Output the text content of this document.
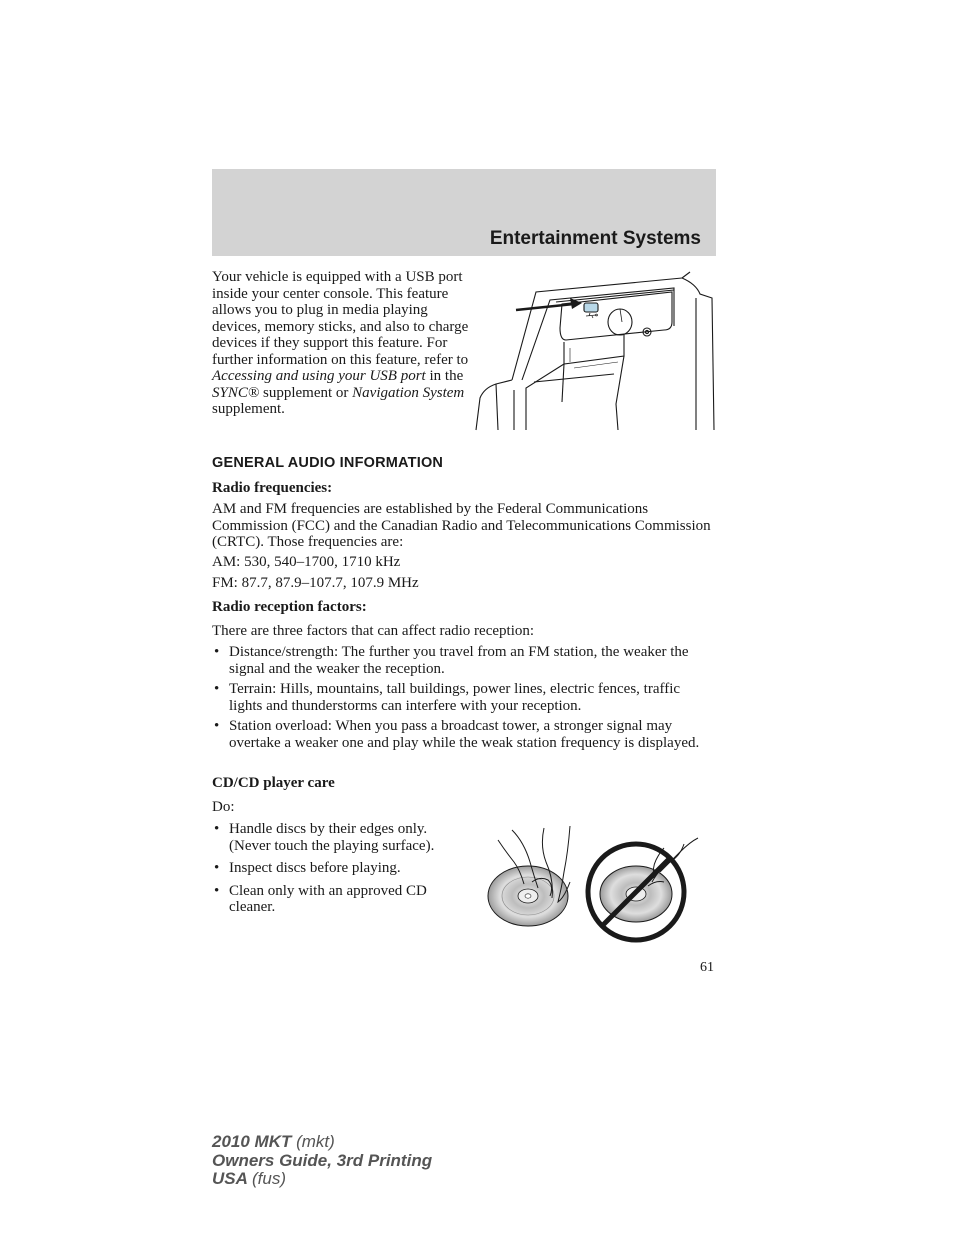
Entertainment Systems

Your vehicle is equipped with a USB port inside your center console. This feature allows you to plug in media playing devices, memory sticks, and also to charge devices if they support this feature. For further information on this feature, refer to Accessing and using your USB port in the SYNC® supplement or Navigation System supplement.

GENERAL AUDIO INFORMATION

Radio frequencies:

AM and FM frequencies are established by the Federal Communications Commission (FCC) and the Canadian Radio and Telecommunications Commission (CRTC). Those frequencies are:

AM: 530, 540–1700, 1710 kHz

FM: 87.7, 87.9–107.7, 107.9 MHz

Radio reception factors:

There are three factors that can affect radio reception:

• Distance/strength: The further you travel from an FM station, the weaker the signal and the weaker the reception.
• Terrain: Hills, mountains, tall buildings, power lines, electric fences, traffic lights and thunderstorms can interfere with your reception.
• Station overload: When you pass a broadcast tower, a stronger signal may overtake a weaker one and play while the weak station frequency is displayed.

CD/CD player care

Do:

• Handle discs by their edges only. (Never touch the playing surface).
• Inspect discs before playing.
• Clean only with an approved CD cleaner.
61
2010 MKT (mkt)
Owners Guide, 3rd Printing
USA (fus)
